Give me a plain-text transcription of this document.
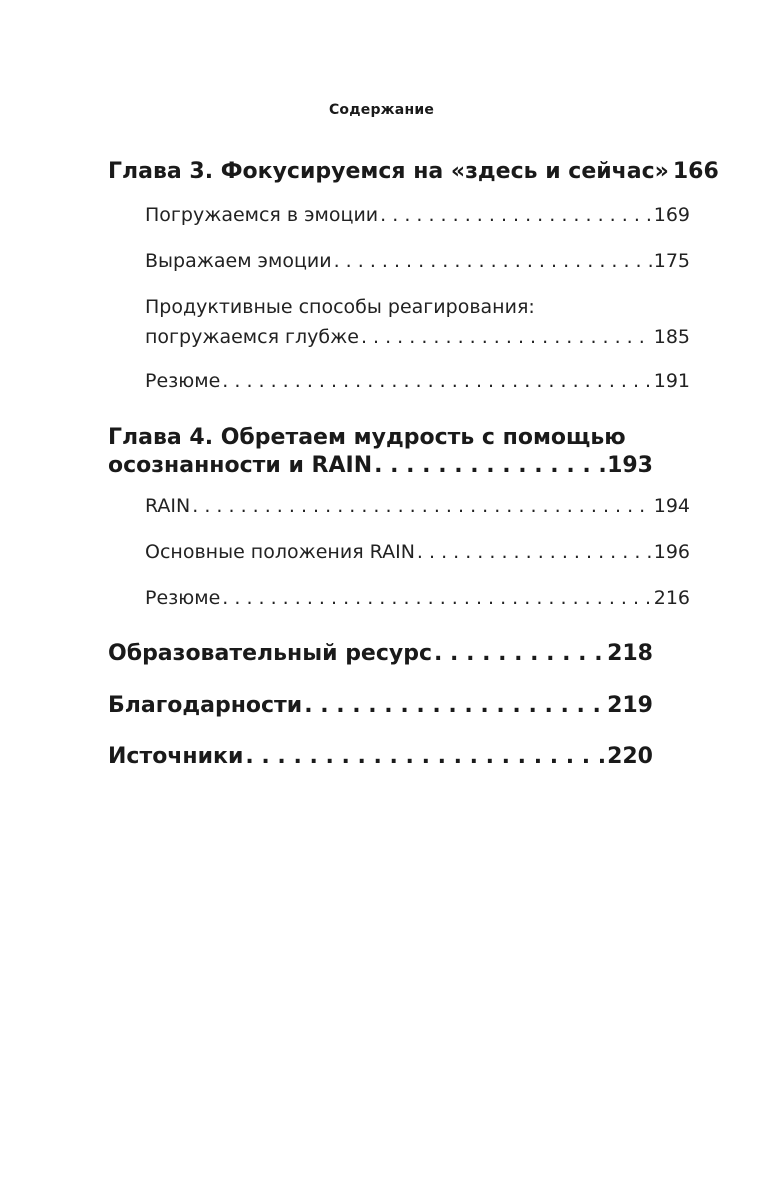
Содержание
Глава 3. Фокусируемся на «здесь и сейчас» 166
Погружаемся в эмоции . . .	169
Выражаем эмоции . . .	175
Продуктивные способы реагирования:
погружаемся глубже . . .	185
Резюме . . .	191
Глава 4. Обретаем мудрость с помощью
осознанности и RAIN . . .	193
RAIN . . .	194
Основные положения RAIN . . .	196
Резюме . . .	216
Образовательный ресурс . . .	218
Благодарности . . .	219
Источники . . .	220
